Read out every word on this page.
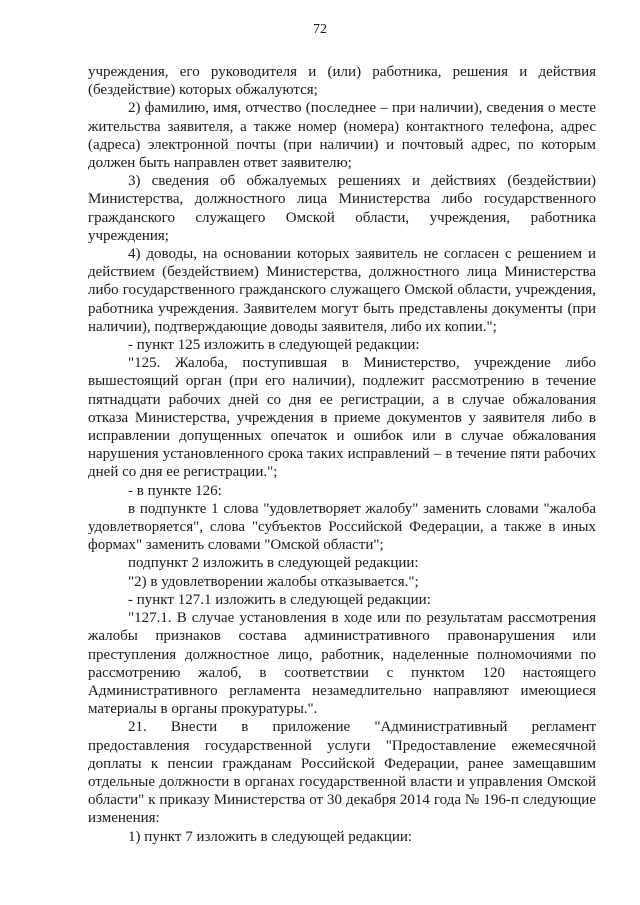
72

учреждения, его руководителя и (или) работника, решения и действия (бездействие) которых обжалуются;

2) фамилию, имя, отчество (последнее – при наличии), сведения о месте жительства заявителя, а также номер (номера) контактного телефона, адрес (адреса) электронной почты (при наличии) и почтовый адрес, по которым должен быть направлен ответ заявителю;

3) сведения об обжалуемых решениях и действиях (бездействии) Министерства, должностного лица Министерства либо государственного гражданского служащего Омской области, учреждения, работника учреждения;

4) доводы, на основании которых заявитель не согласен с решением и действием (бездействием) Министерства, должностного лица Министерства либо государственного гражданского служащего Омской области, учреждения, работника учреждения. Заявителем могут быть представлены документы (при наличии), подтверждающие доводы заявителя, либо их копии.";

- пункт 125 изложить в следующей редакции:

"125. Жалоба, поступившая в Министерство, учреждение либо вышестоящий орган (при его наличии), подлежит рассмотрению в течение пятнадцати рабочих дней со дня ее регистрации, а в случае обжалования отказа Министерства, учреждения в приеме документов у заявителя либо в исправлении допущенных опечаток и ошибок или в случае обжалования нарушения установленного срока таких исправлений – в течение пяти рабочих дней со дня ее регистрации.";

- в пункте 126:

в подпункте 1 слова "удовлетворяет жалобу" заменить словами "жалоба удовлетворяется", слова "субъектов Российской Федерации, а также в иных формах" заменить словами "Омской области";

подпункт 2 изложить в следующей редакции:

"2) в удовлетворении жалобы отказывается.";

- пункт 127.1 изложить в следующей редакции:

"127.1. В случае установления в ходе или по результатам рассмотрения жалобы признаков состава административного правонарушения или преступления должностное лицо, работник, наделенные полномочиями по рассмотрению жалоб, в соответствии с пунктом 120 настоящего Административного регламента незамедлительно направляют имеющиеся материалы в органы прокуратуры.".

21. Внести в приложение "Административный регламент предоставления государственной услуги "Предоставление ежемесячной доплаты к пенсии гражданам Российской Федерации, ранее замещавшим отдельные должности в органах государственной власти и управления Омской области" к приказу Министерства от 30 декабря 2014 года № 196-п следующие изменения:

1) пункт 7 изложить в следующей редакции:
